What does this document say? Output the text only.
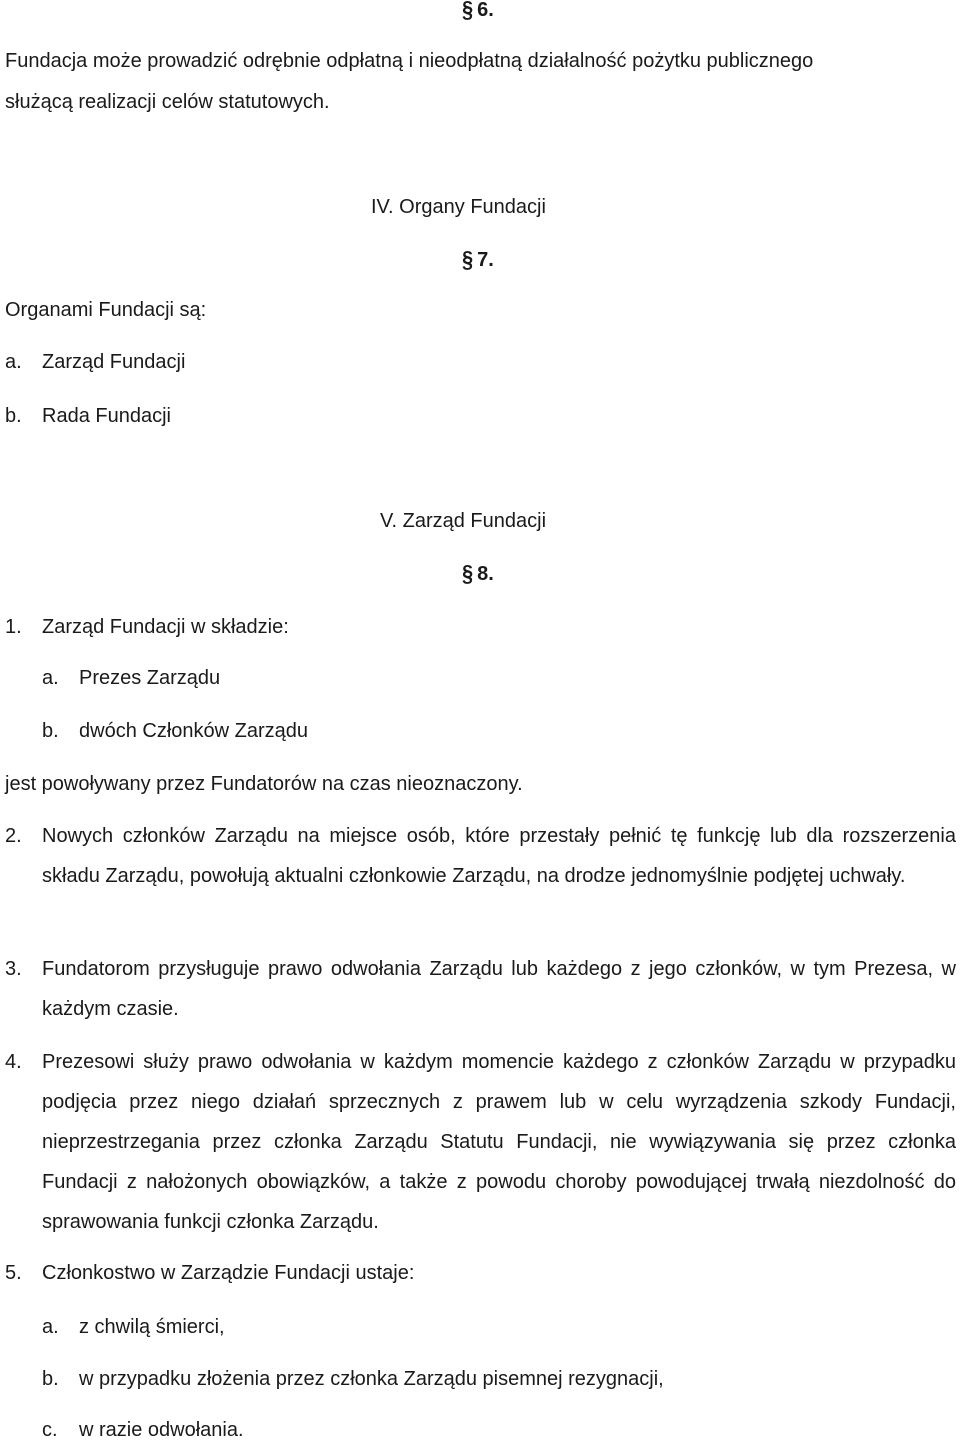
§ 6.
Fundacja może prowadzić odrębnie odpłatną i nieodpłatną działalność pożytku publicznego
służącą realizacji celów statutowych.
IV. Organy Fundacji
§ 7.
Organami Fundacji są:
a. Zarząd Fundacji
b. Rada Fundacji
V. Zarząd Fundacji
§ 8.
1. Zarząd Fundacji w składzie:
a. Prezes Zarządu
b. dwóch Członków Zarządu
jest powoływany przez Fundatorów na czas nieoznaczony.
2. Nowych członków Zarządu na miejsce osób, które przestały pełnić tę funkcję lub dla rozszerzenia składu Zarządu, powołują aktualni członkowie Zarządu, na drodze jednomyślnie podjętej uchwały.
3. Fundatorom przysługuje prawo odwołania Zarządu lub każdego z jego członków, w tym Prezesa, w każdym czasie.
4. Prezesowi służy prawo odwołania w każdym momencie każdego z członków Zarządu w przypadku podjęcia przez niego działań sprzecznych z prawem lub w celu wyrządzenia szkody Fundacji, nieprzestrzegania przez członka Zarządu Statutu Fundacji, nie wywiązywania się przez członka Fundacji z nałożonych obowiązków, a także z powodu choroby powodującej trwałą niezdolność do sprawowania funkcji członka Zarządu.
5. Członkostwo w Zarządzie Fundacji ustaje:
a. z chwilą śmierci,
b. w przypadku złożenia przez członka Zarządu pisemnej rezygnacji,
c. w razie odwołania.
